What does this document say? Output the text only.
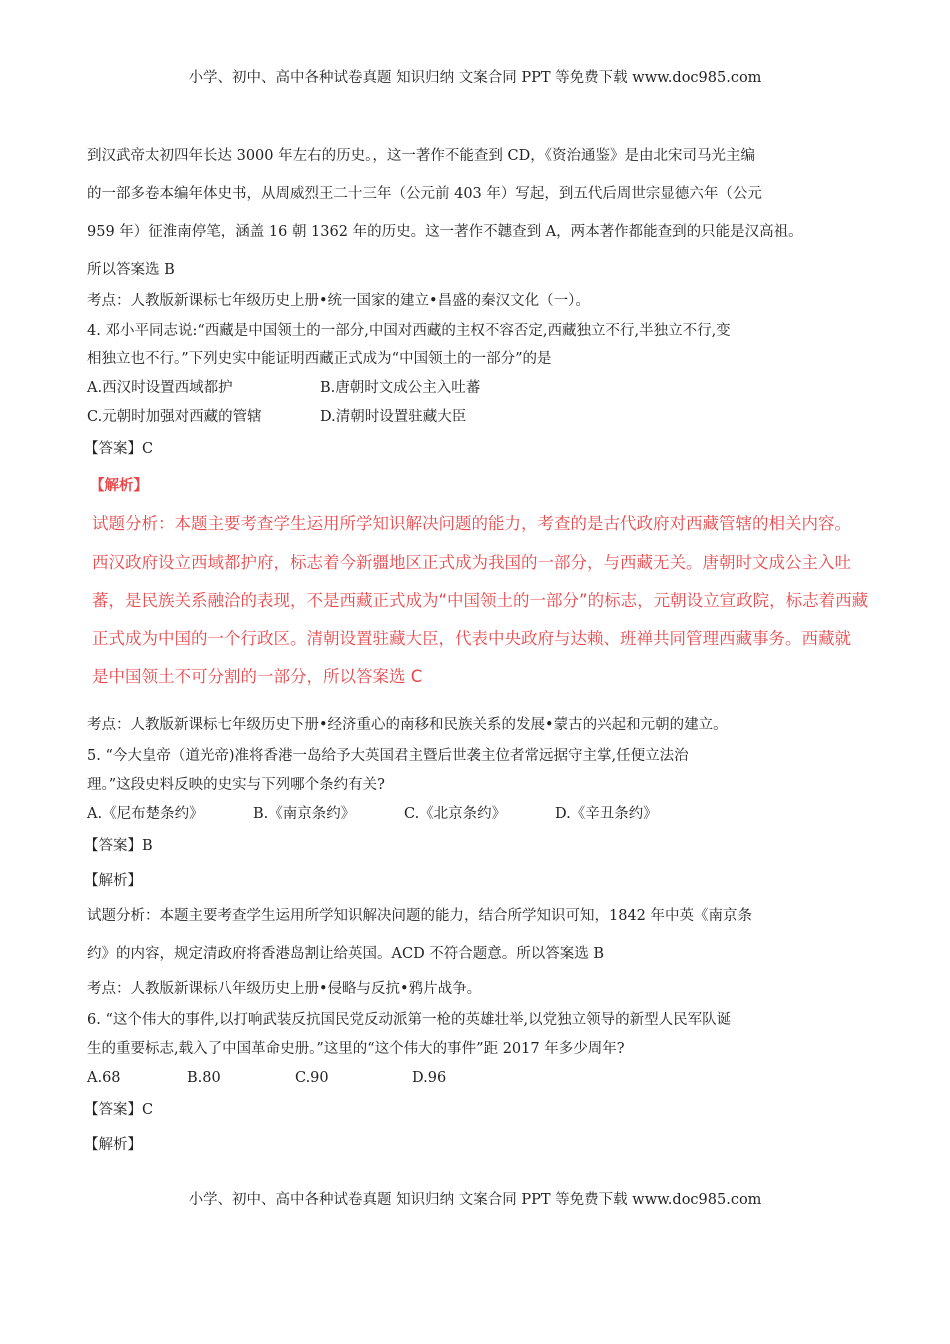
小学、初中、高中各种试卷真题 知识归纳 文案合同 PPT 等免费下载 www.doc985.com
到汉武帝太初四年长达 3000 年左右的历史。，这一著作不能查到 CD，《资治通鉴》是由北宋司马光主编
的一部多卷本编年体史书，从周威烈王二十三年（公元前 403 年）写起，到五代后周世宗显德六年（公元
959 年）征淮南停笔，涵盖 16 朝 1362 年的历史。这一著作不韢查到 A，两本著作都能查到的只能是汉高祖。
所以答案选 B
考点：人教版新课标七年级历史上册•统一国家的建立•昌盛的秦汉文化（一）。
4. 邓小平同志说:“西藏是中国领土的一部分,中国对西藏的主权不容否定,西藏独立不行,半独立不行,变
相独立也不行。”下列史实中能证明西藏正式成为“中国领土的一部分”的是
A.西汉时设置西域都护	B.唐朝时文成公主入吐蕃
C.元朝时加强对西藏的管辖	D.清朝时设置驻藏大臣
【答案】C
【解析】
试题分析：本题主要考查学生运用所学知识解决问题的能力，考查的是古代政府对西藏管辖的相关内容。
西汉政府设立西域都护府，标志着今新疆地区正式成为我国的一部分，与西藏无关。唐朝时文成公主入吐
蕃，是民族关系融洽的表现，不是西藏正式成为“中国领土的一部分”的标志，元朝设立宣政院，标志着西藏
正式成为中国的一个行政区。清朝设置驻藏大臣，代表中央政府与达赖、班禅共同管理西藏事务。西藏就
是中国领土不可分割的一部分，所以答案选 C
考点：人教版新课标七年级历史下册•经济重心的南移和民族关系的发展•蒙古的兴起和元朝的建立。
5. “今大皇帝（道光帝)准将香港一岛给予大英国君主暨后世袭主位者常远据守主掌,任便立法治
理。”这段史料反映的史实与下列哪个条约有关?
A.《尼布楚条约》	B.《南京条约》	C.《北京条约》	D.《辛丑条约》
【答案】B
【解析】
试题分析：本题主要考查学生运用所学知识解决问题的能力，结合所学知识可知，1842 年中英《南京条
约》的内容，规定清政府将香港岛割让给英国。ACD 不符合题意。所以答案选 B
考点：人教版新课标八年级历史上册•侵略与反抗•鸦片战争。
6. “这个伟大的事件,以打响武装反抗国民党反动派第一枪的英雄壮举,以党独立领导的新型人民军队诞
生的重要标志,载入了中国革命史册。”这里的“这个伟大的事件”距 2017 年多少周年?
A.68	B.80	C.90	D.96
【答案】C
【解析】
小学、初中、高中各种试卷真题 知识归纳 文案合同 PPT 等免费下载 www.doc985.com
